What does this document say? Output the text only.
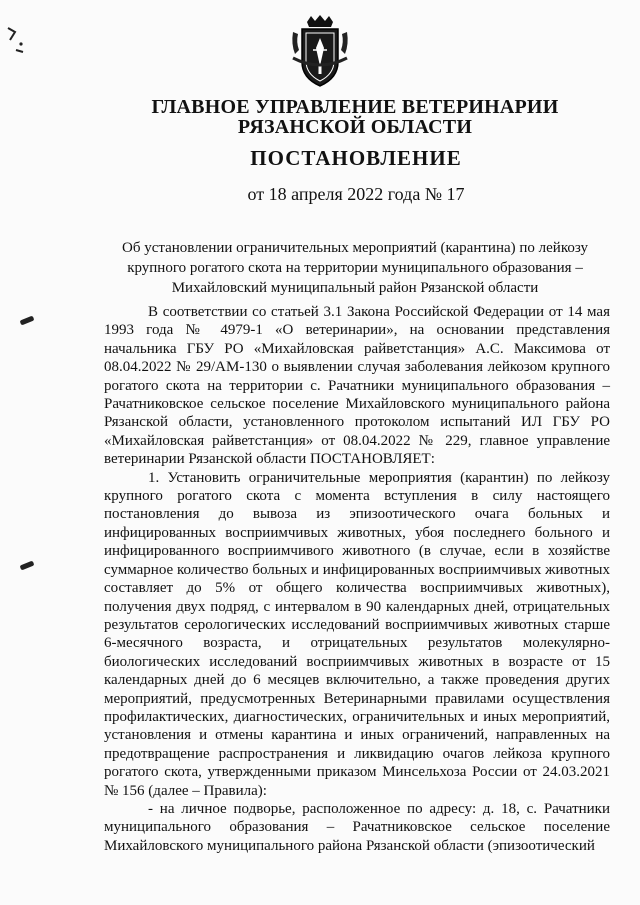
ГЛАВНОЕ УПРАВЛЕНИЕ ВЕТЕРИНАРИИ
РЯЗАНСКОЙ ОБЛАСТИ
ПОСТАНОВЛЕНИЕ
от 18 апреля 2022 года № 17
Об установлении ограничительных мероприятий (карантина) по лейкозу крупного рогатого скота на территории муниципального образования – Михайловский муниципальный район Рязанской области

В соответствии со статьей 3.1 Закона Российской Федерации от 14 мая 1993 года № 4979-1 «О ветеринарии», на основании представления начальника ГБУ РО «Михайловская райветстанция» А.С. Максимова от 08.04.2022 № 29/АМ-130 о выявлении случая заболевания лейкозом крупного рогатого скота на территории с. Рачатники муниципального образования – Рачатниковское сельское поселение Михайловского муниципального района Рязанской области, установленного протоколом испытаний ИЛ ГБУ РО «Михайловская райветстанция» от 08.04.2022 № 229, главное управление ветеринарии Рязанской области ПОСТАНОВЛЯЕТ:

1. Установить ограничительные мероприятия (карантин) по лейкозу крупного рогатого скота с момента вступления в силу настоящего постановления до вывоза из эпизоотического очага больных и инфицированных восприимчивых животных, убоя последнего больного и инфицированного восприимчивого животного (в случае, если в хозяйстве суммарное количество больных и инфицированных восприимчивых животных составляет до 5% от общего количества восприимчивых животных), получения двух подряд, с интервалом в 90 календарных дней, отрицательных результатов серологических исследований восприимчивых животных старше 6-месячного возраста, и отрицательных результатов молекулярно-биологических исследований восприимчивых животных в возрасте от 15 календарных дней до 6 месяцев включительно, а также проведения других мероприятий, предусмотренных Ветеринарными правилами осуществления профилактических, диагностических, ограничительных и иных мероприятий, установления и отмены карантина и иных ограничений, направленных на предотвращение распространения и ликвидацию очагов лейкоза крупного рогатого скота, утвержденными приказом Минсельхоза России от 24.03.2021 № 156 (далее – Правила):

- на личное подворье, расположенное по адресу: д. 18, с. Рачатники муниципального образования – Рачатниковское сельское поселение Михайловского муниципального района Рязанской области (эпизоотический
